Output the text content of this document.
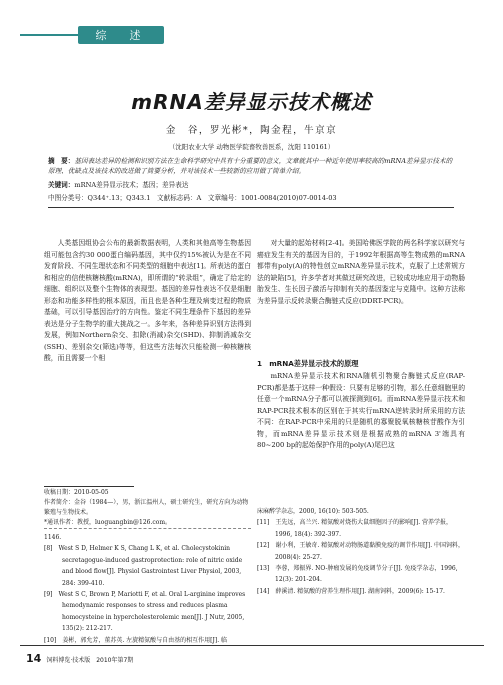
综　述
mRNA差异显示技术概述
金　谷，罗光彬*，陶金程，牛京京
（沈阳农业大学 动物医学院畜牧兽医系，沈阳 110161）
摘　要：基因表达差异的检测和识别方法在生命科学研究中具有十分重要的意义，文章就其中一种近年使用率较高的mRNA差异显示技术的原理、优缺点及该技术的改进做了简要分析，并对该技术一些较新的应用做了简单介绍。
关键词：mRNA差异显示技术；基因；差异表达
中图分类号：Q344⁺.13；Q343.1　文献标志码：A　文章编号：1001-0084(2010)07-0014-03
人类基因组协会公布的最新数据表明，人类和其他高等生物基因组可能包含约30 000蛋白编码基因，其中仅约15%被认为是在不同发育阶段、不同生理状态和不同类型的细胞中表达[1]。所表达的蛋白和相应的信使核糖核酸(mRNA)，即所谓的“转录组”，确定了给定的细胞、组织以及整个生物体的表现型。基因的差异性表达不仅是细胞形态和功能多样性的根本原因，而且也是各种生理及病变过程的物质基础，可以引导基因治疗的方向性。鉴定不同生理条件下基因的差异表达是分子生物学的重大挑战之一。多年来，各种差异识别方法得到发展，例如Northern杂交、扣除(消减)杂交(SHD)、抑制消减杂交(SSH)、差别杂交(筛选)等等，但这些方法每次只能检测一种核糖核酸，而且需要一个相
对大量的起始材料[2-4]。美国哈佛医学院的两名科学家以研究与癌症发生有关的基因为目的，于1992年根据高等生物成熟的mRNA都带有poly(A)的特性创立mRNA差异显示技术，克服了上述常规方法的缺陷[5]，许多学者对其做过研究改进，已较成功地应用于动物肠胎发生、生长因子激活与抑制有关的基因鉴定与克隆中。这种方法称为差异显示反转录聚合酶链式反应(DDRT-PCR)。
1　mRNA差异显示技术的原理
mRNA差异显示技术和RNA随机引物聚合酶链式反应(RAP-PCR)都是基于这样一种假设：只要有足够的引物，那么任意细胞里的任意一个mRNA分子都可以被探测到[6]。而mRNA差异显示技术和RAP-PCR技术根本的区别在于其实行mRNA逆转录时所采用的方法不同：在RAP-PCR中采用的只是随机的寡聚脱氧核糖核苷酸作为引物，而mRNA差异显示技术则是根据成熟的mRNA 3'端具有80~200 bp的起始保护作用的poly(A)尾巴这
收稿日期：2010-05-05
作者简介：金谷（1984—），男，浙江温州人，硕士研究生，研究方向为动物繁殖与生物技术。
*通讯作者：教授，luoguangbin@126.com。
1146.
[8]　West S D, Helmer K S, Chang L K, et al. Cholecystokinin secretagogue-induced gastroprotection: role of nitric oxide and blood flow[J]. Physiol Gastrointest Liver Physiol, 2003, 284: 399-410.
[9]　West S C, Brown P, Mariotti F, et al. Oral L-arginine improves hemodynamic responses to stress and reduces plasma homocysteine in hypercholesterolemic men[J]. J Nutr, 2005, 135(2): 212-217.
[10]　姜彬，郭允芳，董苏英. 左旋精氨酸与自由基的相互作用[J]. 临
床麻醉学杂志，2000, 16(10): 503-505.
[11]　王先远，高兰兴. 精氨酸对烧伤大鼠细胞因子的影响[J]. 营养学报，1996, 18(4): 392-397.
[12]　谢小利，王敏奇. 精氨酸对动物肠道黏膜免疫的调节作用[J]. 中国饲料，2008(4): 25-27.
[13]　李蓉，郑振界. NO-肿瘤发展的免疫调节分子[J]. 免疫学杂志，1996, 12(3): 201-204.
[14]　薛溪清. 精氨酸的营养生理作用[J]. 湖南饲料，2009(6): 15-17.
14 饲料博览·技术版　2010年第7期
